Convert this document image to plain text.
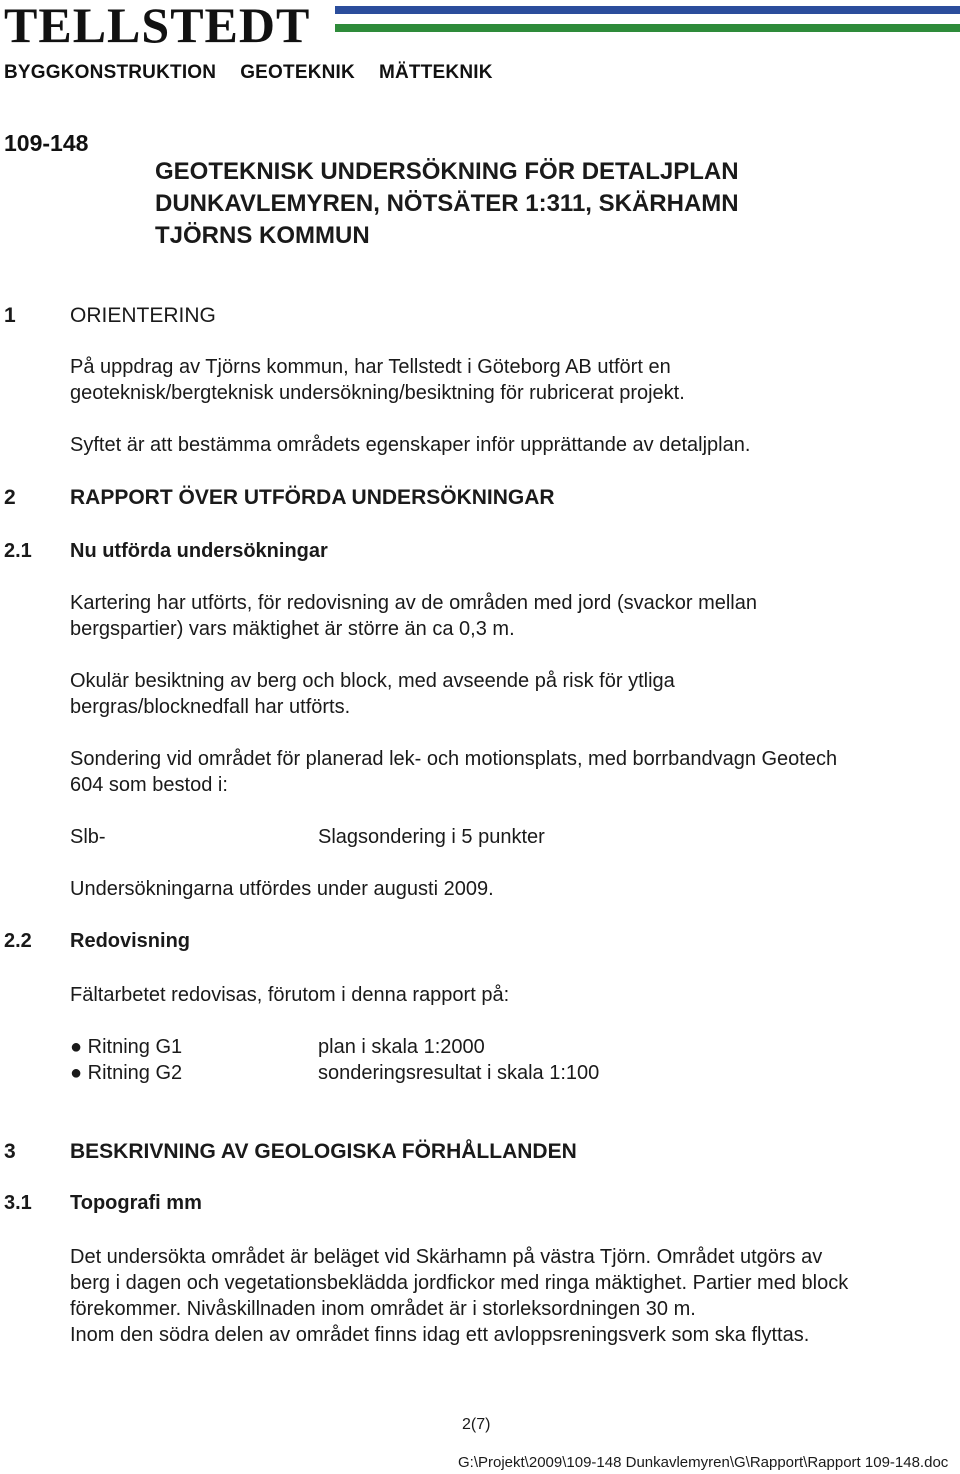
TELLSTEDT
BYGGKONSTRUKTION GEOTEKNIK MÄTTEKNIK
109-148
GEOTEKNISK UNDERSÖKNING FÖR DETALJPLAN
DUNKAVLEMYREN, NÖTSÄTER 1:311, SKÄRHAMN
TJÖRNS KOMMUN
1	ORIENTERING
På uppdrag av Tjörns kommun, har Tellstedt i Göteborg AB utfört en
geoteknisk/bergteknisk undersökning/besiktning för rubricerat projekt.
Syftet är att bestämma områdets egenskaper inför upprättande av detaljplan.
2	RAPPORT ÖVER UTFÖRDA UNDERSÖKNINGAR
2.1 Nu utförda undersökningar
Kartering har utförts, för redovisning av de områden med jord (svackor mellan
bergspartier) vars mäktighet är större än ca 0,3 m.
Okulär besiktning av berg och block, med avseende på risk för ytliga
bergras/blocknedfall har utförts.
Sondering vid området för planerad lek- och motionsplats, med borrbandvagn Geotech
604 som bestod i:
Slb-	Slagsondering i 5 punkter
Undersökningarna utfördes under augusti 2009.
2.2 Redovisning
Fältarbetet redovisas, förutom i denna rapport på:
● Ritning G1	plan i skala 1:2000
● Ritning G2	sonderingsresultat i skala 1:100
3	BESKRIVNING AV GEOLOGISKA FÖRHÅLLANDEN
3.1 Topografi mm
Det undersökta området är beläget vid Skärhamn på västra Tjörn. Området utgörs av
berg i dagen och vegetationsbeklädda jordfickor med ringa mäktighet. Partier med block
förekommer. Nivåskillnaden inom området är i storleksordningen 30 m.
Inom den södra delen av området finns idag ett avloppsreningsverk som ska flyttas.
2(7)
G:\Projekt\2009\109-148 Dunkavlemyren\G\Rapport\Rapport 109-148.doc
